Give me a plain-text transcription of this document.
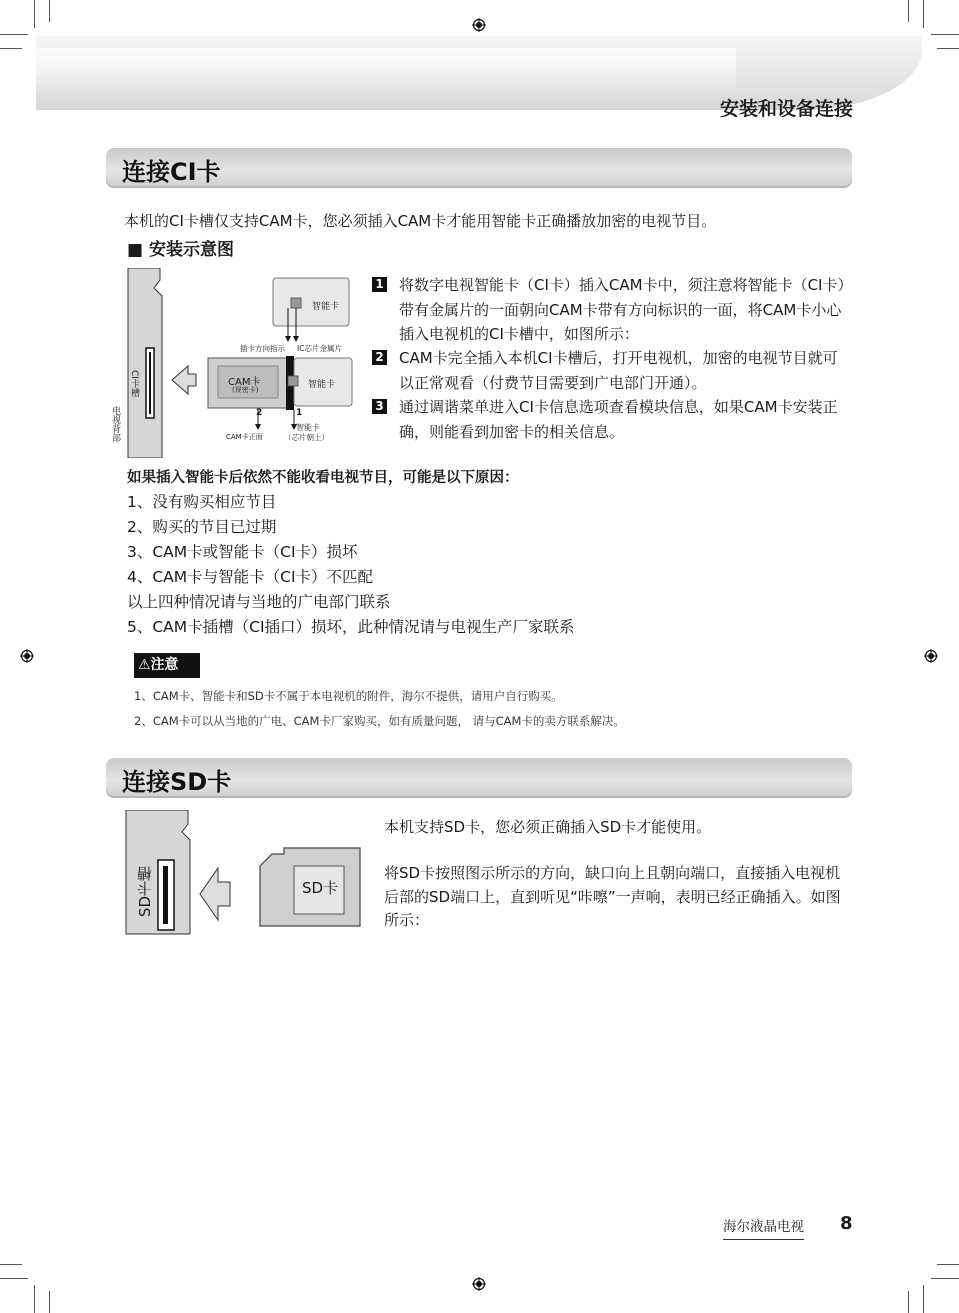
安装和设备连接
连接CI卡
本机的CI卡槽仅支持CAM卡，您必须插入CAM卡才能用智能卡正确播放加密的电视节目。
■ 安装示意图
智能卡
插卡方向指示 IC芯片金属片
CAM卡
(视密卡)	智能卡
CI卡槽
电视背部	2	1
CAM卡正面
智能卡
（芯片朝上）
1 将数字电视智能卡（CI卡）插入CAM卡中，须注意将智能卡（CI卡）带有金属片的一面朝向CAM卡带有方向标识的一面，将CAM卡小心插入电视机的CI卡槽中，如图所示：
2 CAM卡完全插入本机CI卡槽后，打开电视机，加密的电视节目就可以正常观看（付费节目需要到广电部门开通）。
3 通过调谐菜单进入CI卡信息选项查看模块信息，如果CAM卡安装正确，则能看到加密卡的相关信息。
如果插入智能卡后依然不能收看电视节目，可能是以下原因：
1、没有购买相应节目
2、购买的节目已过期
3、CAM卡或智能卡（CI卡）损坏
4、CAM卡与智能卡（CI卡）不匹配
以上四种情况请与当地的广电部门联系
5、CAM卡插槽（CI插口）损坏，此种情况请与电视生产厂家联系
⚠注意
1、CAM卡、智能卡和SD卡不属于本电视机的附件，海尔不提供，请用户自行购买。
2、CAM卡可以从当地的广电、CAM卡厂家购买，如有质量问题， 请与CAM卡的卖方联系解决。
连接SD卡
SD卡槽	SD卡
本机支持SD卡，您必须正确插入SD卡才能使用。
将SD卡按照图示所示的方向，缺口向上且朝向端口，直接插入电视机后部的SD端口上，直到听见“咔嚓”一声响，表明已经正确插入。如图所示：
海尔液晶电视 8
